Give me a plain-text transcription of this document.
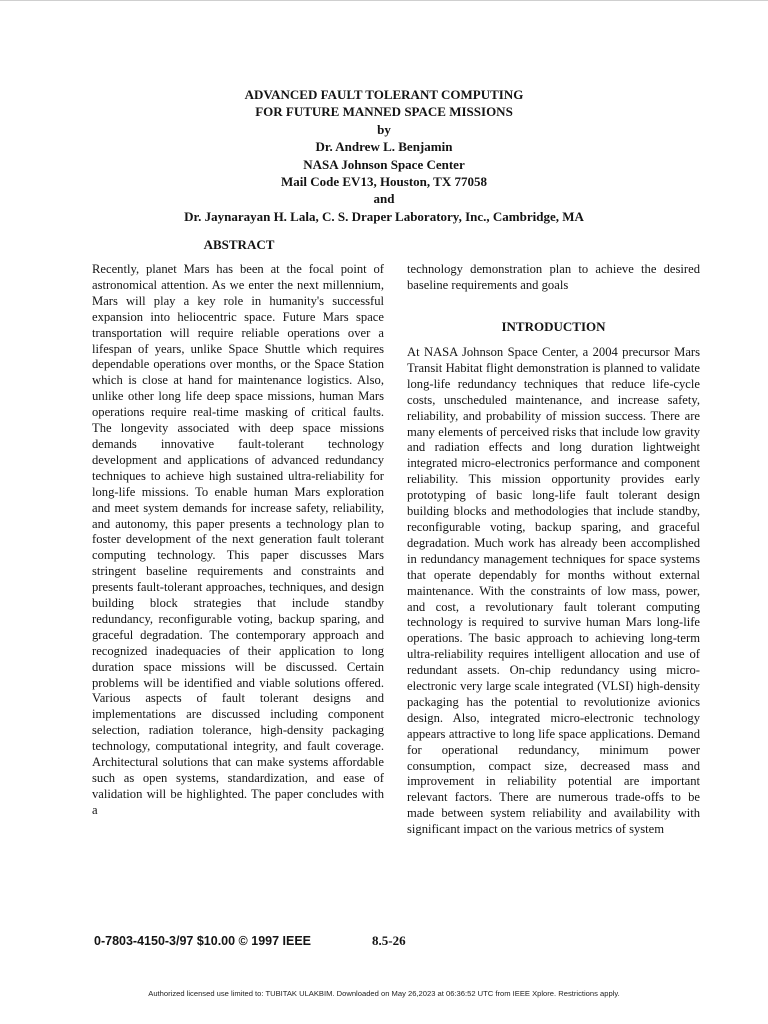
ADVANCED FAULT TOLERANT COMPUTING
FOR FUTURE MANNED SPACE MISSIONS
by
Dr. Andrew L. Benjamin
NASA Johnson Space Center
Mail Code EV13, Houston, TX 77058
and
Dr. Jaynarayan H. Lala, C. S. Draper Laboratory, Inc., Cambridge, MA
ABSTRACT

Recently, planet Mars has been at the focal point of astronomical attention. As we enter the next millennium, Mars will play a key role in humanity's successful expansion into heliocentric space. Future Mars space transportation will require reliable operations over a lifespan of years, unlike Space Shuttle which requires dependable operations over months, or the Space Station which is close at hand for maintenance logistics. Also, unlike other long life deep space missions, human Mars operations require real-time masking of critical faults. The longevity associated with deep space missions demands innovative fault-tolerant technology development and applications of advanced redundancy techniques to achieve high sustained ultra-reliability for long-life missions. To enable human Mars exploration and meet system demands for increase safety, reliability, and autonomy, this paper presents a technology plan to foster development of the next generation fault tolerant computing technology. This paper discusses Mars stringent baseline requirements and constraints and presents fault-tolerant approaches, techniques, and design building block strategies that include standby redundancy, reconfigurable voting, backup sparing, and graceful degradation. The contemporary approach and recognized inadequacies of their application to long duration space missions will be discussed. Certain problems will be identified and viable solutions offered. Various aspects of fault tolerant designs and implementations are discussed including component selection, radiation tolerance, high-density packaging technology, computational integrity, and fault coverage. Architectural solutions that can make systems affordable such as open systems, standardization, and ease of validation will be highlighted. The paper concludes with a

technology demonstration plan to achieve the desired baseline requirements and goals

INTRODUCTION

At NASA Johnson Space Center, a 2004 precursor Mars Transit Habitat flight demonstration is planned to validate long-life redundancy techniques that reduce life-cycle costs, unscheduled maintenance, and increase safety, reliability, and probability of mission success. There are many elements of perceived risks that include low gravity and radiation effects and long duration lightweight integrated micro-electronics performance and component reliability. This mission opportunity provides early prototyping of basic long-life fault tolerant design building blocks and methodologies that include standby, reconfigurable voting, backup sparing, and graceful degradation. Much work has already been accomplished in redundancy management techniques for space systems that operate dependably for months without external maintenance. With the constraints of low mass, power, and cost, a revolutionary fault tolerant computing technology is required to survive human Mars long-life operations. The basic approach to achieving long-term ultra-reliability requires intelligent allocation and use of redundant assets. On-chip redundancy using micro-electronic very large scale integrated (VLSI) high-density packaging has the potential to revolutionize avionics design. Also, integrated micro-electronic technology appears attractive to long life space applications. Demand for operational redundancy, minimum power consumption, compact size, decreased mass and improvement in reliability potential are important relevant factors. There are numerous trade-offs to be made between system reliability and availability with significant impact on the various metrics of system

0-7803-4150-3/97 $10.00 © 1997 IEEE	8.5-26
Authorized licensed use limited to: TUBITAK ULAKBIM. Downloaded on May 26,2023 at 06:36:52 UTC from IEEE Xplore. Restrictions apply.
